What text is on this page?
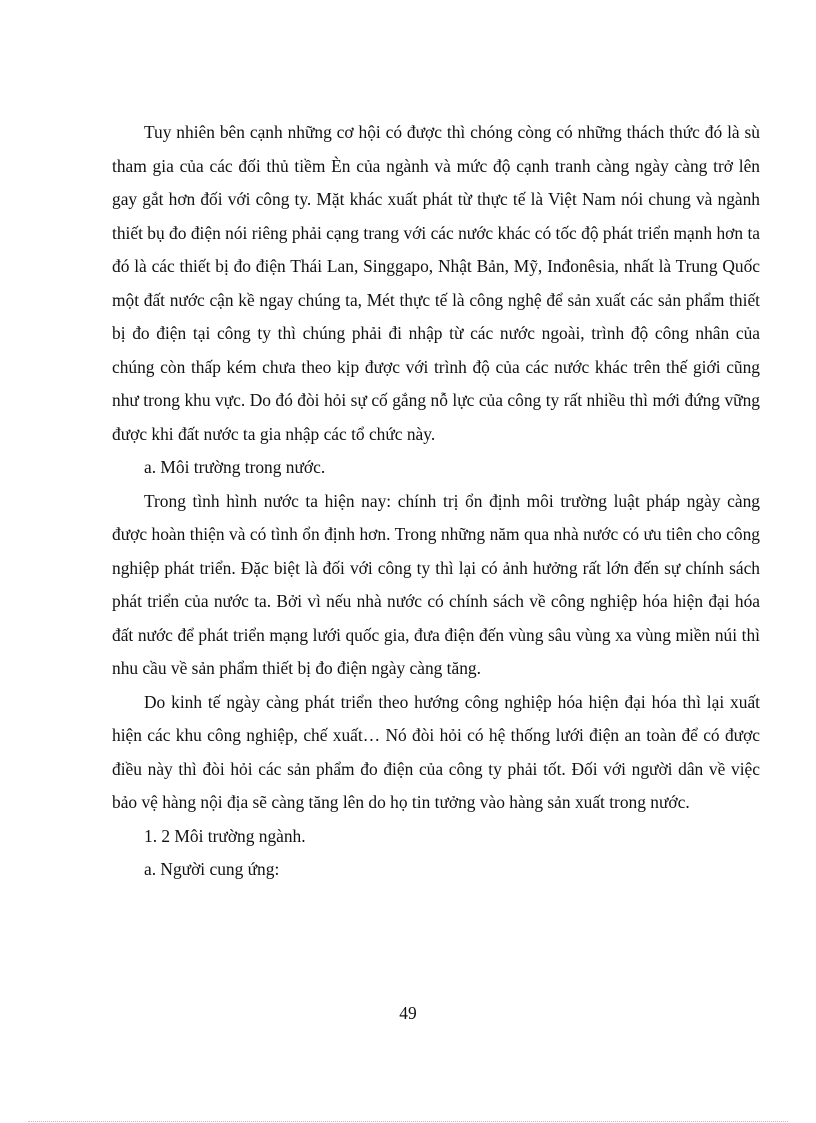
Tuy nhiên bên cạnh những cơ hội có được thì chóng còng có những thách thức đó là sù tham gia của các đối thủ tiềm Èn của ngành và mức độ cạnh tranh càng ngày càng trở lên gay gắt hơn đối với công ty. Mặt khác xuất phát từ thực tế là Việt Nam nói chung và ngành thiết bụ đo điện nói riêng phải cạng trang với các nước khác có tốc độ phát triển mạnh hơn ta đó là các thiết bị đo điện Thái Lan, Singgapo, Nhật Bản, Mỹ, Inđonêsia, nhất là Trung Quốc một đất nước cận kề ngay chúng ta, Mét thực tế là công nghệ để sản xuất các sản phẩm thiết bị đo điện tại công ty thì chúng phải đi nhập từ các nước ngoài, trình độ công nhân của chúng còn thấp kém chưa theo kịp được với trình độ của các nước khác trên thế giới cũng như trong khu vực. Do đó đòi hỏi sự cố gắng nỗ lực của công ty rất nhiều thì mới đứng vững được khi đất nước ta gia nhập các tổ chức này.

a. Môi trường trong nước.

Trong tình hình nước ta hiện nay: chính trị ổn định môi trường luật pháp ngày càng được hoàn thiện và có tình ổn định hơn. Trong những năm qua nhà nước có ưu tiên cho công nghiệp phát triển. Đặc biệt là đối với công ty thì lại có ảnh hưởng rất lớn đến sự chính sách phát triển của nước ta. Bởi vì nếu nhà nước có chính sách về công nghiệp hóa hiện đại hóa đất nước để phát triển mạng lưới quốc gia, đưa điện đến vùng sâu vùng xa vùng miền núi thì nhu cầu về sản phẩm thiết bị đo điện ngày càng tăng.

Do kinh tế ngày càng phát triển theo hướng công nghiệp hóa hiện đại hóa thì lại xuất hiện các khu công nghiệp, chế xuất… Nó đòi hỏi có hệ thống lưới điện an toàn để có được điều này thì đòi hỏi các sản phẩm đo điện của công ty phải tốt. Đối với người dân về việc bảo vệ hàng nội địa sẽ càng tăng lên do họ tin tưởng vào hàng sản xuất trong nước.

1. 2 Môi trường ngành.

a. Người cung ứng:

49
